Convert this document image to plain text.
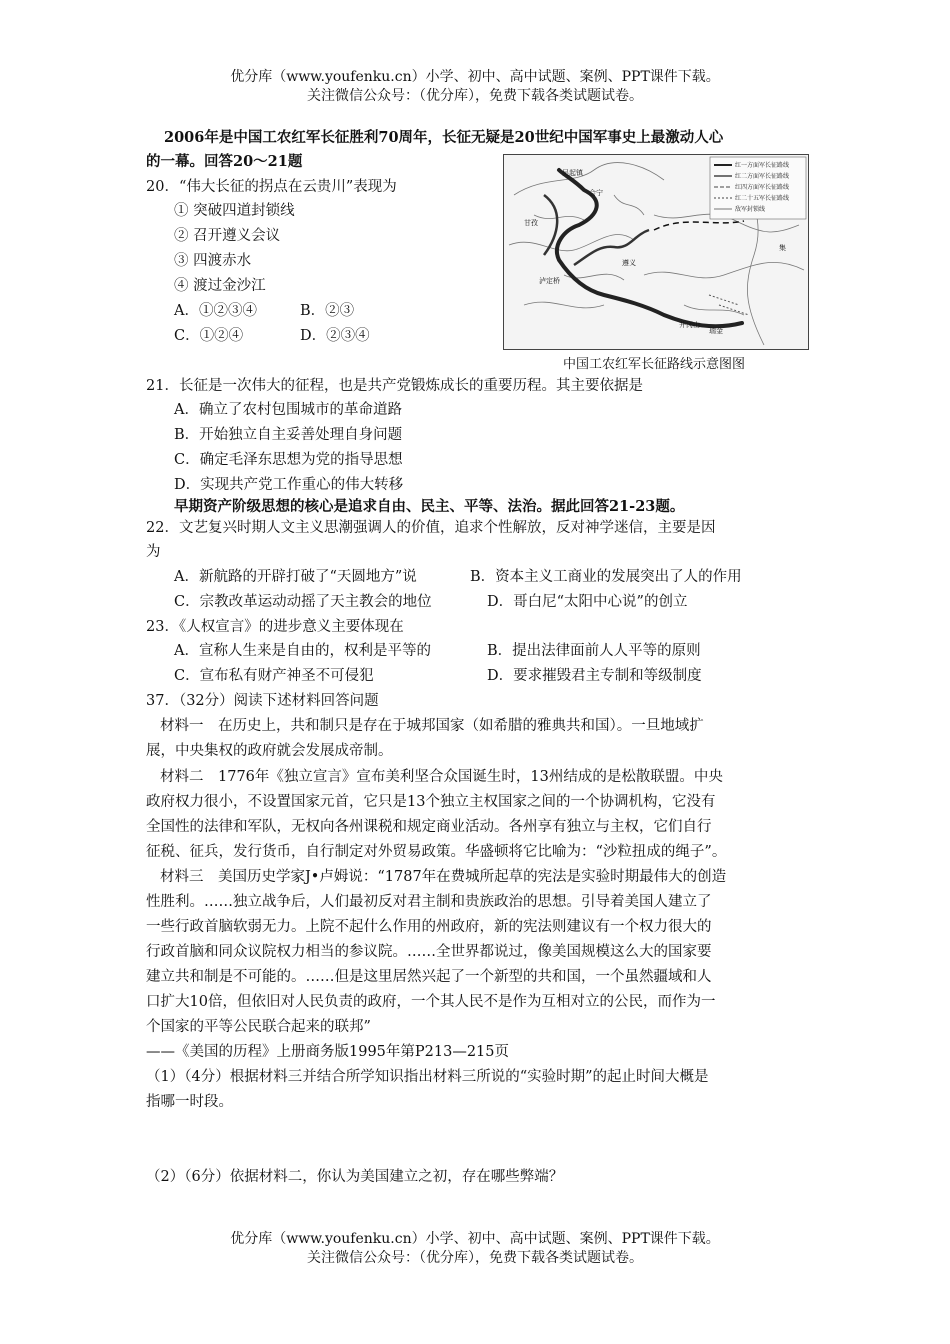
优分库（www.youfenku.cn）小学、初中、高中试题、案例、PPT课件下载。
关注微信公众号：（优分库），免费下载各类试题试卷。
2006年是中国工农红军长征胜利70周年，长征无疑是20世纪中国军事史上最激动人心
的一幕。回答20～21题
20．“伟大长征的拐点在云贵川”表现为
① 突破四道封锁线
② 召开遵义会议
③ 四渡赤水
④ 渡过金沙江
A．①②③④	B．②③
C．①②④	D．②③④
红一方面军长征路线
红二方面军长征路线
红四方面军长征路线
红二十五军长征路线
敌军封锁线
吴起镇
会宁
甘孜
遵义
井冈山
瑞金
泸定桥
集
中国工农红军长征路线示意图图
21．长征是一次伟大的征程，也是共产党锻炼成长的重要历程。其主要依据是
A．确立了农村包围城市的革命道路
B．开始独立自主妥善处理自身问题
C．确定毛泽东思想为党的指导思想
D．实现共产党工作重心的伟大转移
早期资产阶级思想的核心是追求自由、民主、平等、法治。据此回答21-23题。
22．文艺复兴时期人文主义思潮强调人的价值，追求个性解放，反对神学迷信，主要是因
为
A．新航路的开辟打破了“天圆地方”说	B．资本主义工商业的发展突出了人的作用
C．宗教改革运动动摇了天主教会的地位	D．哥白尼“太阳中心说”的创立
23．《人权宣言》的进步意义主要体现在
A．宣称人生来是自由的，权利是平等的	B．提出法律面前人人平等的原则
C．宣布私有财产神圣不可侵犯	D．要求摧毁君主专制和等级制度
37．（32分）阅读下述材料回答问题
材料一　在历史上，共和制只是存在于城邦国家（如希腊的雅典共和国）。一旦地域扩
展，中央集权的政府就会发展成帝制。
材料二　1776年《独立宣言》宣布美利坚合众国诞生时，13州结成的是松散联盟。中央
政府权力很小，不设置国家元首，它只是13个独立主权国家之间的一个协调机构，它没有
全国性的法律和军队，无权向各州课税和规定商业活动。各州享有独立与主权，它们自行
征税、征兵，发行货币，自行制定对外贸易政策。华盛顿将它比喻为：“沙粒扭成的绳子”。
材料三　美国历史学家J•卢姆说：“1787年在费城所起草的宪法是实验时期最伟大的创造
性胜利。……独立战争后，人们最初反对君主制和贵族政治的思想。引导着美国人建立了
一些行政首脑软弱无力。上院不起什么作用的州政府，新的宪法则建议有一个权力很大的
行政首脑和同众议院权力相当的参议院。……全世界都说过，像美国规模这么大的国家要
建立共和制是不可能的。……但是这里居然兴起了一个新型的共和国，一个虽然疆域和人
口扩大10倍，但依旧对人民负责的政府，一个其人民不是作为互相对立的公民，而作为一
个国家的平等公民联合起来的联邦”
——《美国的历程》上册商务版1995年第P213—215页
（1）（4分）根据材料三并结合所学知识指出材料三所说的“实验时期”的起止时间大概是
指哪一时段。
（2）（6分）依据材料二，你认为美国建立之初，存在哪些弊端？
优分库（www.youfenku.cn）小学、初中、高中试题、案例、PPT课件下载。
关注微信公众号：（优分库），免费下载各类试题试卷。
